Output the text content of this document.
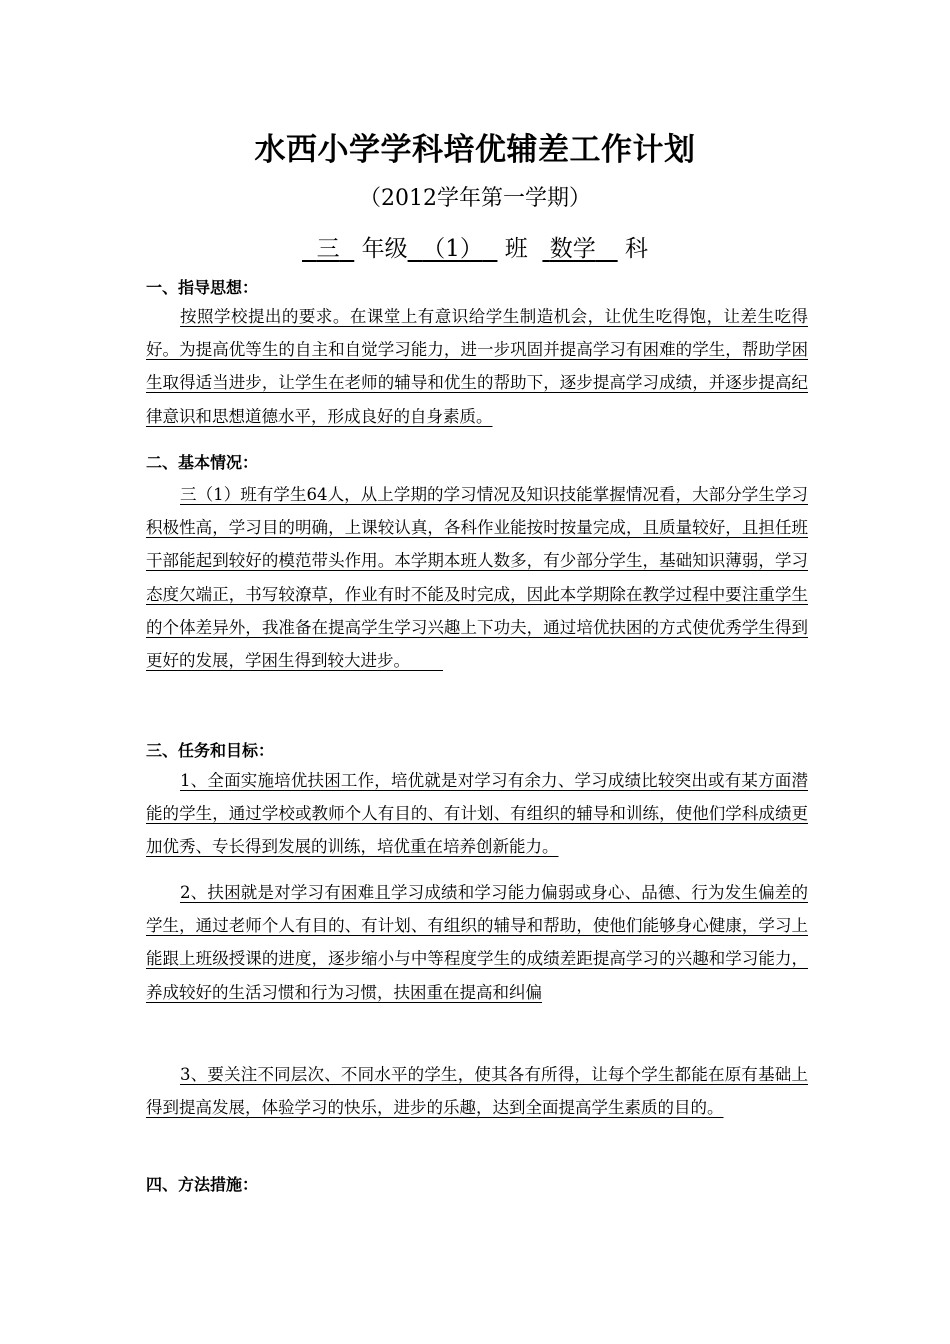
水西小学学科培优辅差工作计划
（2012学年第一学期）
三 年级 （1） 班 数学 科
一、指导思想：
按照学校提出的要求。在课堂上有意识给学生制造机会，让优生吃得饱，让差生吃得好。为提高优等生的自主和自觉学习能力，进一步巩固并提高学习有困难的学生，帮助学困生取得适当进步，让学生在老师的辅导和优生的帮助下，逐步提高学习成绩，并逐步提高纪律意识和思想道德水平，形成良好的自身素质。
二、基本情况：
三（1）班有学生64人，从上学期的学习情况及知识技能掌握情况看，大部分学生学习积极性高，学习目的明确，上课较认真，各科作业能按时按量完成，且质量较好，且担任班干部能起到较好的模范带头作用。本学期本班人数多，有少部分学生，基础知识薄弱，学习态度欠端正，书写较潦草，作业有时不能及时完成，因此本学期除在教学过程中要注重学生的个体差异外，我准备在提高学生学习兴趣上下功夫，通过培优扶困的方式使优秀学生得到更好的发展，学困生得到较大进步。  
三、任务和目标：
1、全面实施培优扶困工作，培优就是对学习有余力、学习成绩比较突出或有某方面潜能的学生，通过学校或教师个人有目的、有计划、有组织的辅导和训练，使他们学科成绩更加优秀、专长得到发展的训练，培优重在培养创新能力。
2、扶困就是对学习有困难且学习成绩和学习能力偏弱或身心、品德、行为发生偏差的学生，通过老师个人有目的、有计划、有组织的辅导和帮助，使他们能够身心健康，学习上能跟上班级授课的进度，逐步缩小与中等程度学生的成绩差距提高学习的兴趣和学习能力，养成较好的生活习惯和行为习惯，扶困重在提高和纠偏
3、要关注不同层次、不同水平的学生，使其各有所得，让每个学生都能在原有基础上得到提高发展，体验学习的快乐，进步的乐趣，达到全面提高学生素质的目的。
四、方法措施：
